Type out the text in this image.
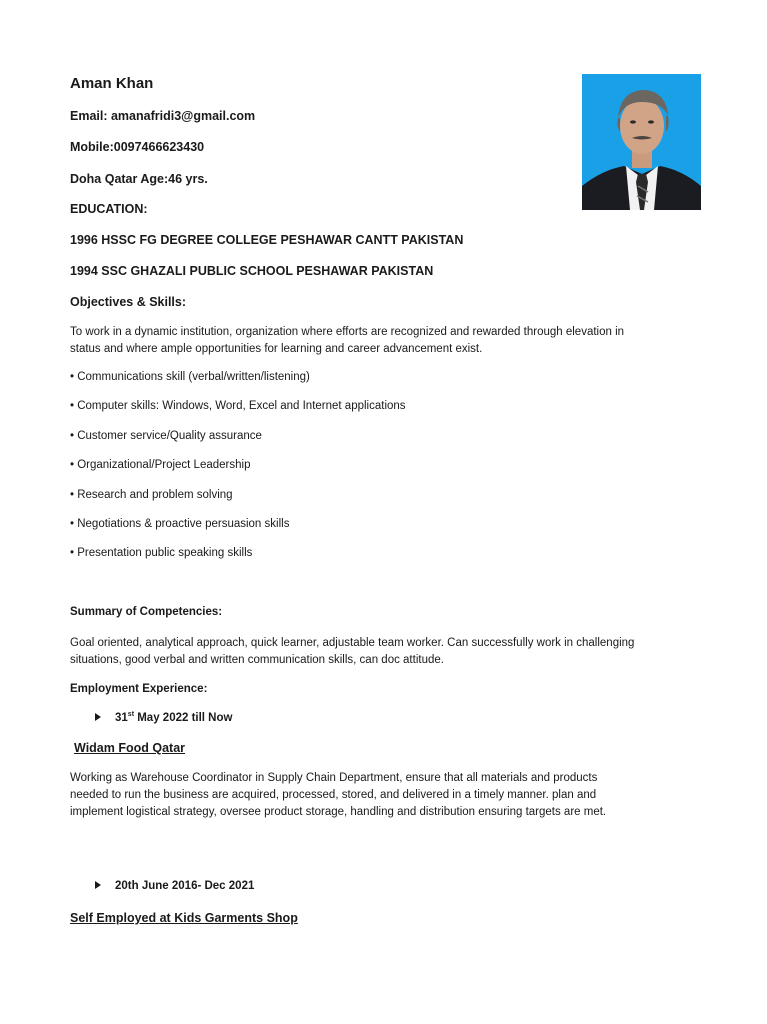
Aman Khan
Email: amanafridi3@gmail.com
Mobile:0097466623430
Doha Qatar Age:46 yrs.
EDUCATION:
1996 HSSC FG DEGREE COLLEGE PESHAWAR CANTT PAKISTAN
1994 SSC GHAZALI PUBLIC SCHOOL PESHAWAR PAKISTAN
Objectives & Skills:
To work in a dynamic institution, organization where efforts are recognized and rewarded through elevation in status and where ample opportunities for learning and career advancement exist.
• Communications skill (verbal/written/listening)
• Computer skills: Windows, Word, Excel and Internet applications
• Customer service/Quality assurance
• Organizational/Project Leadership
• Research and problem solving
• Negotiations & proactive persuasion skills
• Presentation public speaking skills
Summary of Competencies:
Goal oriented, analytical approach, quick learner, adjustable team worker. Can successfully work in challenging situations, good verbal and written communication skills, can doc attitude.
Employment Experience:
31st May 2022 till Now
Widam Food Qatar
Working as Warehouse Coordinator in Supply Chain Department, ensure that all materials and products needed to run the business are acquired, processed, stored, and delivered in a timely manner. plan and implement logistical strategy, oversee product storage, handling and distribution ensuring targets are met.
20th June 2016- Dec 2021
Self Employed at Kids Garments Shop
